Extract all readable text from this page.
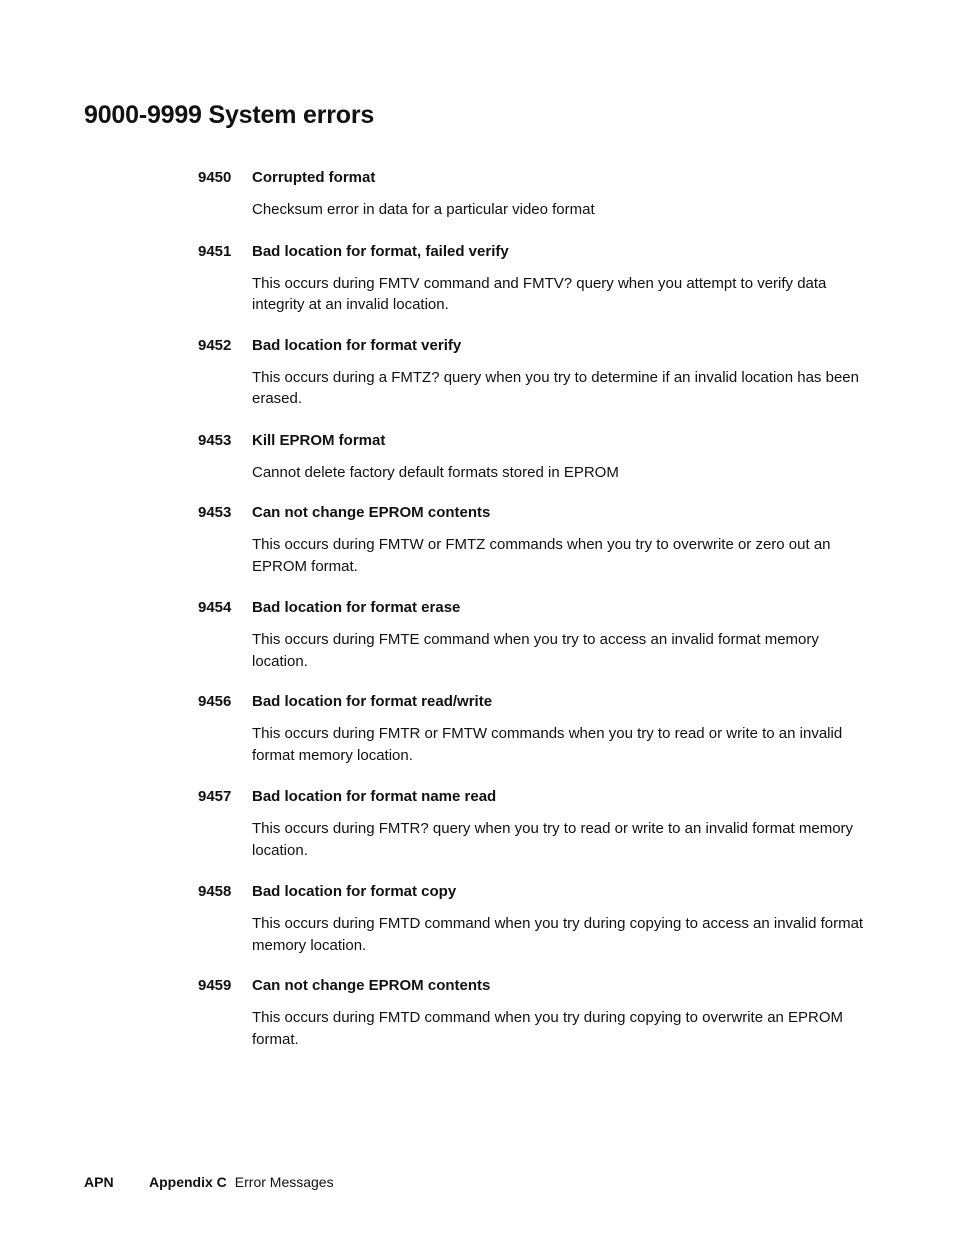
9000-9999 System errors
9450	Corrupted format

Checksum error in data for a particular video format

9451	Bad location for format, failed verify

This occurs during FMTV command and FMTV? query when you attempt to verify data integrity at an invalid location.

9452	Bad location for format verify

This occurs during a FMTZ? query when you try to determine if an invalid location has been erased.

9453	Kill EPROM format

Cannot delete factory default formats stored in EPROM

9453	Can not change EPROM contents

This occurs during FMTW or FMTZ commands when you try to overwrite or zero out an EPROM format.

9454	Bad location for format erase

This occurs during FMTE command when you try to access an invalid format memory location.

9456	Bad location for format read/write

This occurs during FMTR or FMTW commands when you try to read or write to an invalid format memory location.

9457	Bad location for format name read

This occurs during FMTR? query when you try to read or write to an invalid format memory location.

9458	Bad location for format copy

This occurs during FMTD command when you try during copying to access an invalid format memory location.

9459	Can not change EPROM contents

This occurs during FMTD command when you try during copying to overwrite an EPROM format.

APN	Appendix C Error Messages
